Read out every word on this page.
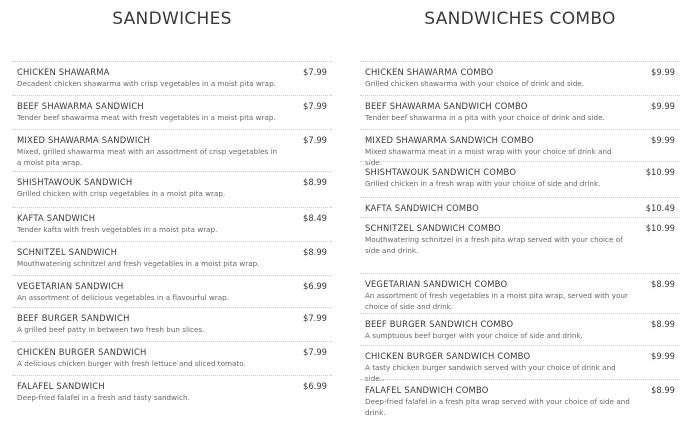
SANDWICHES
CHICKEN SHAWARMA
Decadent chicken shawarma with crisp vegetables in a moist pita wrap.
$7.99
BEEF SHAWARMA SANDWICH
Tender beef shawarma meat with fresh vegetables in a moist pita wrap.
$7.99
MIXED SHAWARMA SANDWICH
Mixed, grilled shawarma meat with an assortment of crisp vegetables in a moist pita wrap.
$7.99
SHISHTAWOUK SANDWICH
Grilled chicken with crisp vegetables in a moist pita wrap.
$8.99
KAFTA SANDWICH
Tender kafta with fresh vegetables in a moist pita wrap.
$8.49
SCHNITZEL SANDWICH
Mouthwatering schnitzel and fresh vegetables in a moist pita wrap.
$8.99
VEGETARIAN SANDWICH
An assortment of delicious vegetables in a flavourful wrap.
$6.99
BEEF BURGER SANDWICH
A grilled beef patty in between two fresh bun slices.
$7.99
CHICKEN BURGER SANDWICH
A delicious chicken burger with fresh lettuce and sliced tomato.
$7.99
FALAFEL SANDWICH
Deep-fried falafel in a fresh and tasty sandwich.
$6.99
SANDWICHES COMBO
CHICKEN SHAWARMA COMBO
Grilled chicken shawarma with your choice of drink and side.
$9.99
BEEF SHAWARMA SANDWICH COMBO
Tender beef shawarma in a pita with your choice of drink and side.
$9.99
MIXED SHAWARMA SANDWICH COMBO
Mixed shawarma meat in a moist wrap with your choice of drink and side.
$9.99
SHISHTAWOUK SANDWICH COMBO
Grilled chicken in a fresh wrap with your choice of side and drink.
$10.99
KAFTA SANDWICH COMBO	$10.49
SCHNITZEL SANDWICH COMBO
Mouthwatering schnitzel in a fresh pita wrap served with your choice of side and drink.
$10.99
VEGETARIAN SANDWICH COMBO
An assortment of fresh vegetables in a moist pita wrap, served with your choice of side and drink.
$8.99
BEEF BURGER SANDWICH COMBO
A sumptuous beef burger with your choice of side and drink.
$8.99
CHICKEN BURGER SANDWICH COMBO
A tasty chicken burger sandwich served with your choice of drink and side..
$9.99
FALAFEL SANDWICH COMBO
Deep-fried falafel in a fresh pita wrap served with your choice of side and drink.
$8.99
